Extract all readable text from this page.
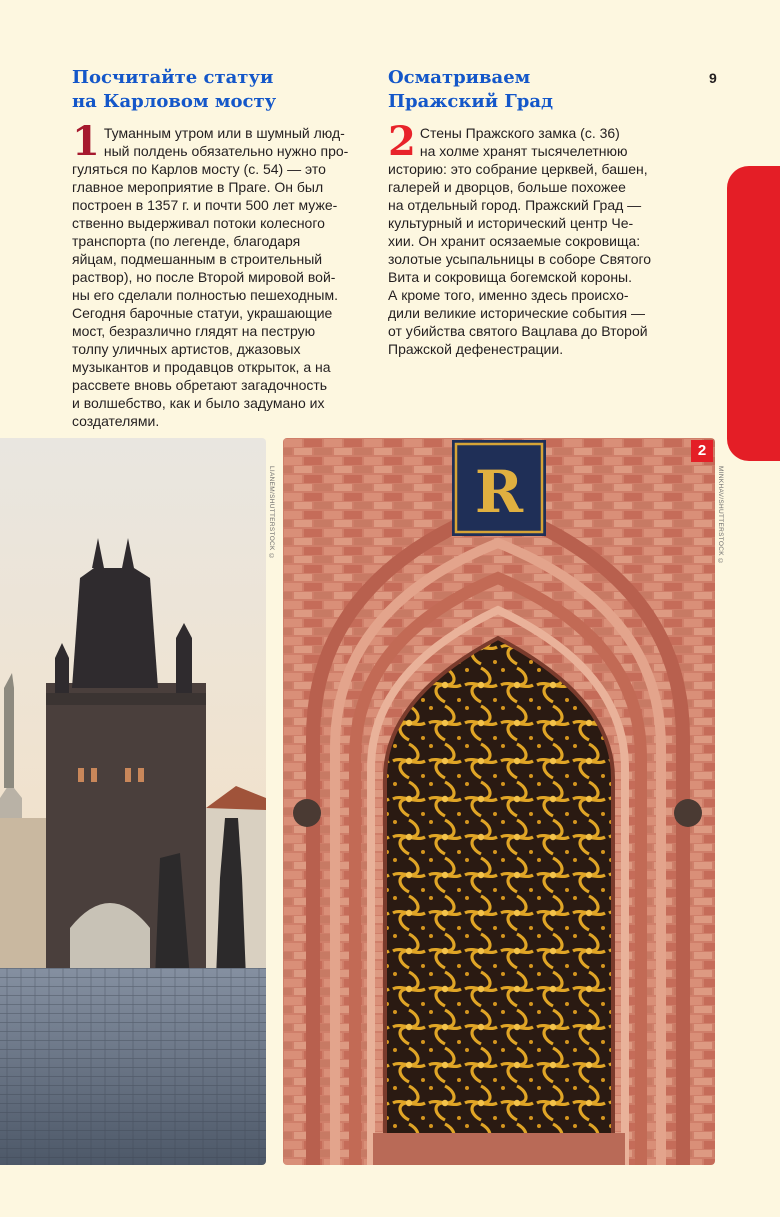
Посчитайте статуи
на Карловом мосту
1 Туманным утром или в шумный люд-
ный полдень обязательно нужно про-
гуляться по Карлов мосту (с. 54) — это
главное мероприятие в Праге. Он был
построен в 1357 г. и почти 500 лет муже-
ственно выдерживал потоки колесного
транспорта (по легенде, благодаря
яйцам, подмешанным в строительный
раствор), но после Второй мировой вой-
ны его сделали полностью пешеходным.
Сегодня барочные статуи, украшающие
мост, безразлично глядят на пеструю
толпу уличных артистов, джазовых
музыкантов и продавцов открыток, а на
рассвете вновь обретают загадочность
и волшебство, как и было задумано их
создателями.
Осматриваем
Пражский Град
2 Стены Пражского замка (с. 36)
на холме хранят тысячелетнюю
историю: это собрание церквей, башен,
галерей и дворцов, больше похожее
на отдельный город. Пражский Град —
культурный и исторический центр Че-
хии. Он хранит осязаемые сокровища:
золотые усыпальницы в соборе Святого
Вита и сокровища богемской короны.
А кроме того, именно здесь происхо-
дили великие исторические события —
от убийства святого Вацлава до Второй
Пражской дефенестрации.
9
LIANEM/SHUTTERSTOCK ©	R
2
MINKHAV/SHUTTERSTOCK ©
